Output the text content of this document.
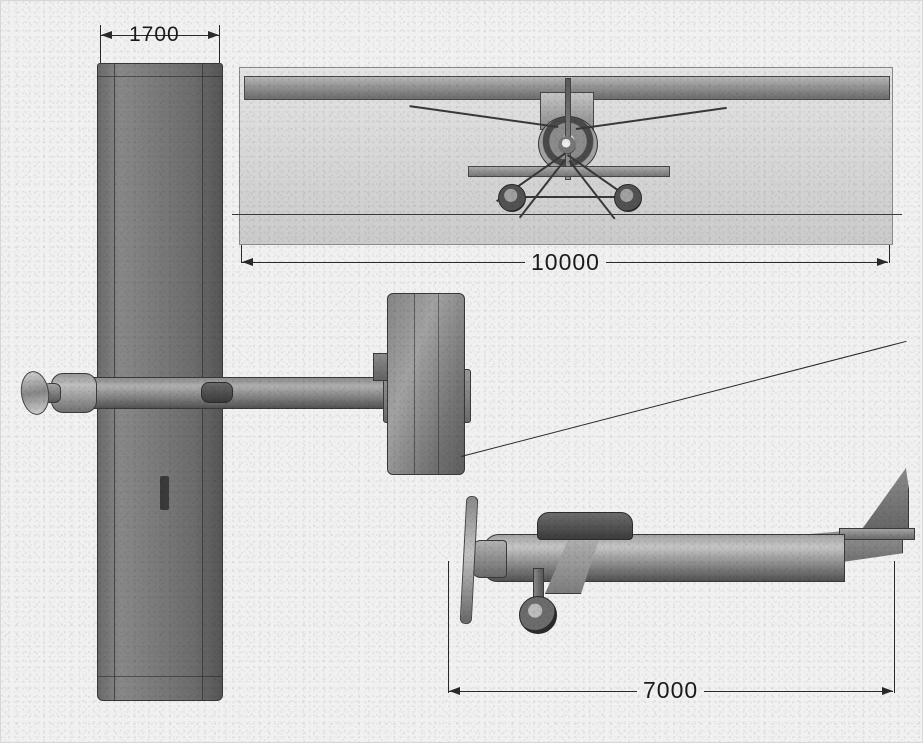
1700
10000
7000
